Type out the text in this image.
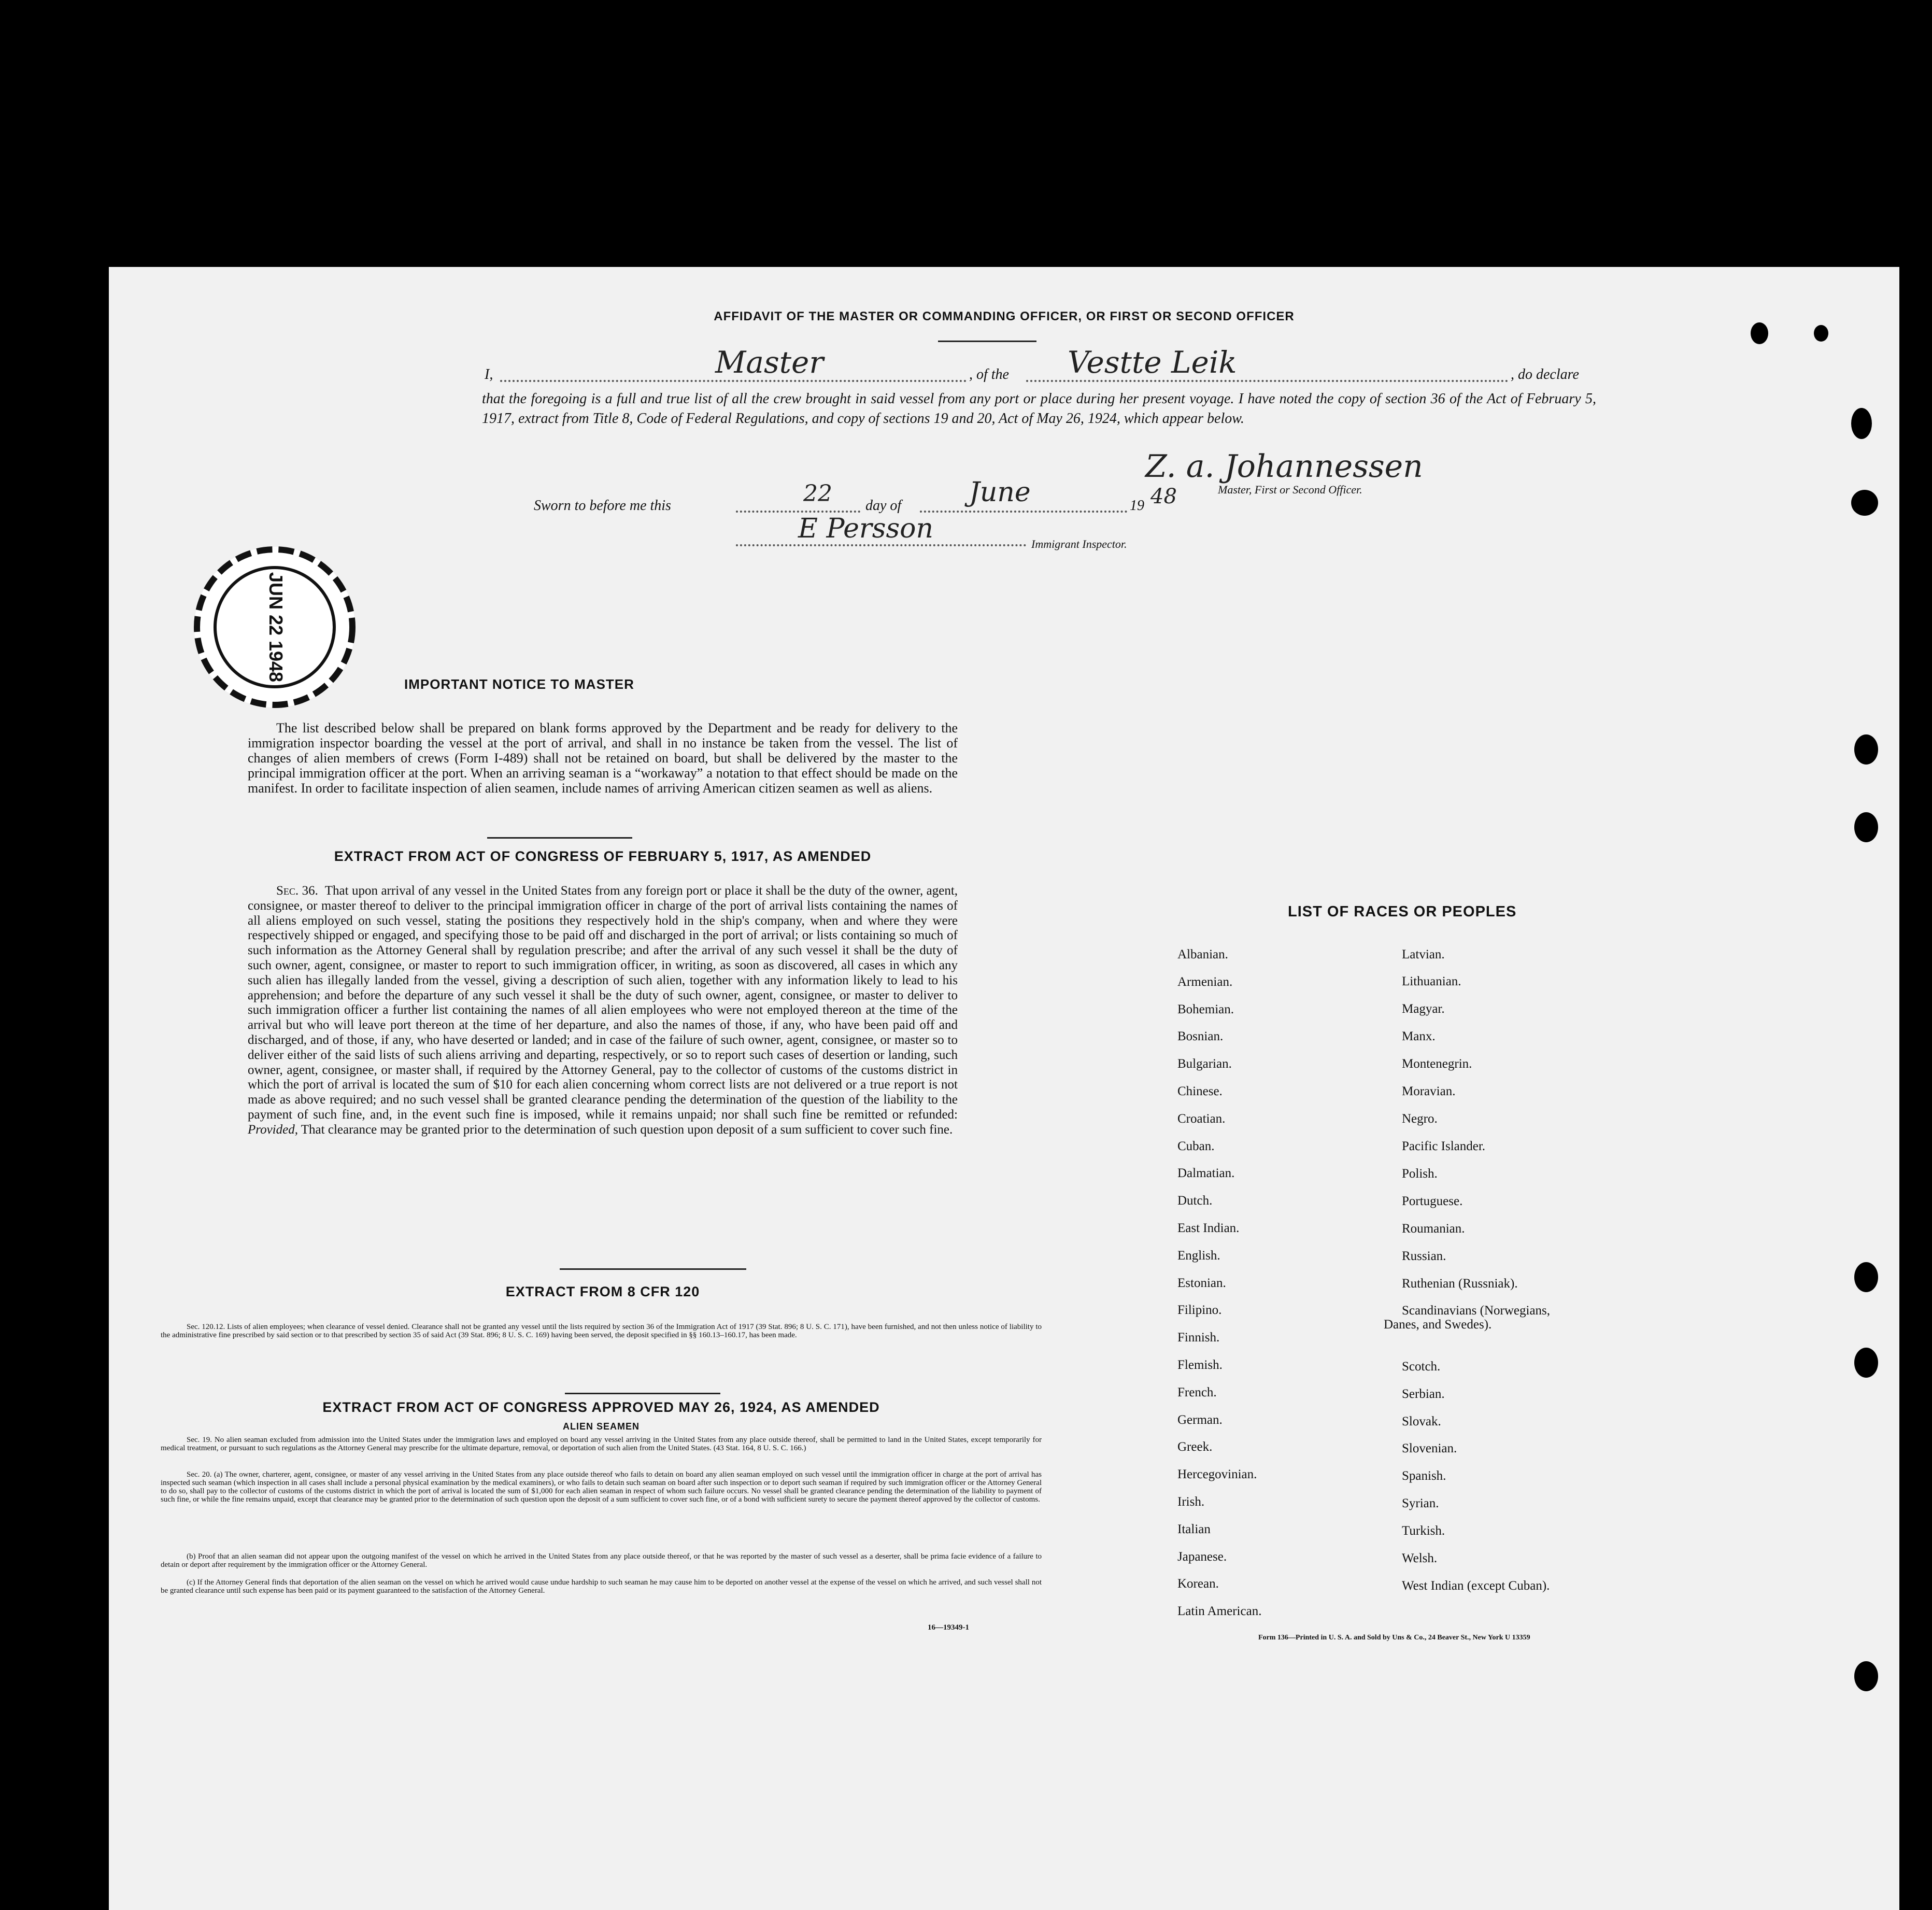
AFFIDAVIT OF THE MASTER OR COMMANDING OFFICER, OR FIRST OR SECOND OFFICER
I,	Master	, of the Vestte Leik	, do declare
that the foregoing is a full and true list of all the crew brought in said vessel from any port or place during her present voyage. I have noted the copy of section 36 of the Act of February 5, 1917, extract from Title 8, Code of Federal Regulations, and copy of sections 19 and 20, Act of May 26, 1924, which appear below.
Sworn to before me this	22 day of	June	19 48
Z. a. Johannessen
Master, First or Second Officer.
E Persson	Immigrant Inspector.
JUN 22 1948
IMPORTANT NOTICE TO MASTER
The list described below shall be prepared on blank forms approved by the Department and be ready for delivery to the immigration inspector boarding the vessel at the port of arrival, and shall in no instance be taken from the vessel. The list of changes of alien members of crews (Form I-489) shall not be retained on board, but shall be delivered by the master to the principal immigration officer at the port. When an arriving seaman is a “workaway” a notation to that effect should be made on the manifest. In order to facilitate inspection of alien seamen, include names of arriving American citizen seamen as well as aliens.
EXTRACT FROM ACT OF CONGRESS OF FEBRUARY 5, 1917, AS AMENDED
Sec. 36. That upon arrival of any vessel in the United States from any foreign port or place it shall be the duty of the owner, agent, consignee, or master thereof to deliver to the principal immigration officer in charge of the port of arrival lists containing the names of all aliens employed on such vessel, stating the positions they respectively hold in the ship's company, when and where they were respectively shipped or engaged, and specifying those to be paid off and discharged in the port of arrival; or lists containing so much of such information as the Attorney General shall by regulation prescribe; and after the arrival of any such vessel it shall be the duty of such owner, agent, consignee, or master to report to such immigration officer, in writing, as soon as discovered, all cases in which any such alien has illegally landed from the vessel, giving a description of such alien, together with any information likely to lead to his apprehension; and before the departure of any such vessel it shall be the duty of such owner, agent, consignee, or master to deliver to such immigration officer a further list containing the names of all alien employees who were not employed thereon at the time of the arrival but who will leave port thereon at the time of her departure, and also the names of those, if any, who have been paid off and discharged, and of those, if any, who have deserted or landed; and in case of the failure of such owner, agent, consignee, or master so to deliver either of the said lists of such aliens arriving and departing, respectively, or so to report such cases of desertion or landing, such owner, agent, consignee, or master shall, if required by the Attorney General, pay to the collector of customs of the customs district in which the port of arrival is located the sum of $10 for each alien concerning whom correct lists are not delivered or a true report is not made as above required; and no such vessel shall be granted clearance pending the determination of the question of the liability to the payment of such fine, and, in the event such fine is imposed, while it remains unpaid; nor shall such fine be remitted or refunded: Provided, That clearance may be granted prior to the determination of such question upon deposit of a sum sufficient to cover such fine.
EXTRACT FROM 8 CFR 120
Sec. 120.12. Lists of alien employees; when clearance of vessel denied. Clearance shall not be granted any vessel until the lists required by section 36 of the Immigration Act of 1917 (39 Stat. 896; 8 U. S. C. 171), have been furnished, and not then unless notice of liability to the administrative fine prescribed by said section or to that prescribed by section 35 of said Act (39 Stat. 896; 8 U. S. C. 169) having been served, the deposit specified in §§ 160.13–160.17, has been made.
EXTRACT FROM ACT OF CONGRESS APPROVED MAY 26, 1924, AS AMENDED
ALIEN SEAMEN
Sec. 19. No alien seaman excluded from admission into the United States under the immigration laws and employed on board any vessel arriving in the United States from any place outside thereof, shall be permitted to land in the United States, except temporarily for medical treatment, or pursuant to such regulations as the Attorney General may prescribe for the ultimate departure, removal, or deportation of such alien from the United States. (43 Stat. 164, 8 U. S. C. 166.)
Sec. 20. (a) The owner, charterer, agent, consignee, or master of any vessel arriving in the United States from any place outside thereof who fails to detain on board any alien seaman employed on such vessel until the immigration officer in charge at the port of arrival has inspected such seaman (which inspection in all cases shall include a personal physical examination by the medical examiners), or who fails to detain such seaman on board after such inspection or to deport such seaman if required by such immigration officer or the Attorney General to do so, shall pay to the collector of customs of the customs district in which the port of arrival is located the sum of $1,000 for each alien seaman in respect of whom such failure occurs. No vessel shall be granted clearance pending the determination of the liability to payment of such fine, or while the fine remains unpaid, except that clearance may be granted prior to the determination of such question upon the deposit of a sum sufficient to cover such fine, or of a bond with sufficient surety to secure the payment thereof approved by the collector of customs.
(b) Proof that an alien seaman did not appear upon the outgoing manifest of the vessel on which he arrived in the United States from any place outside thereof, or that he was reported by the master of such vessel as a deserter, shall be prima facie evidence of a failure to detain or deport after requirement by the immigration officer or the Attorney General.
(c) If the Attorney General finds that deportation of the alien seaman on the vessel on which he arrived would cause undue hardship to such seaman he may cause him to be deported on another vessel at the expense of the vessel on which he arrived, and such vessel shall not be granted clearance until such expense has been paid or its payment guaranteed to the satisfaction of the Attorney General.
16—19349-1
LIST OF RACES OR PEOPLES
Albanian.
Armenian.
Bohemian.
Bosnian.
Bulgarian.
Chinese.
Croatian.
Cuban.
Dalmatian.
Dutch.
East Indian.
English.
Estonian.
Filipino.
Finnish.
Flemish.
French.
German.
Greek.
Hercegovinian.
Irish.
Italian
Japanese.
Korean.
Latin American.
Latvian.
Lithuanian.
Magyar.
Manx.
Montenegrin.
Moravian.
Negro.
Pacific Islander.
Polish.
Portuguese.
Roumanian.
Russian.
Ruthenian (Russniak).
Scandinavians (Norwegians,
Danes, and Swedes).
Scotch.
Serbian.
Slovak.
Slovenian.
Spanish.
Syrian.
Turkish.
Welsh.
West Indian (except Cuban).
Form 136—Printed in U. S. A. and Sold by Uns & Co., 24 Beaver St., New York U 13359
